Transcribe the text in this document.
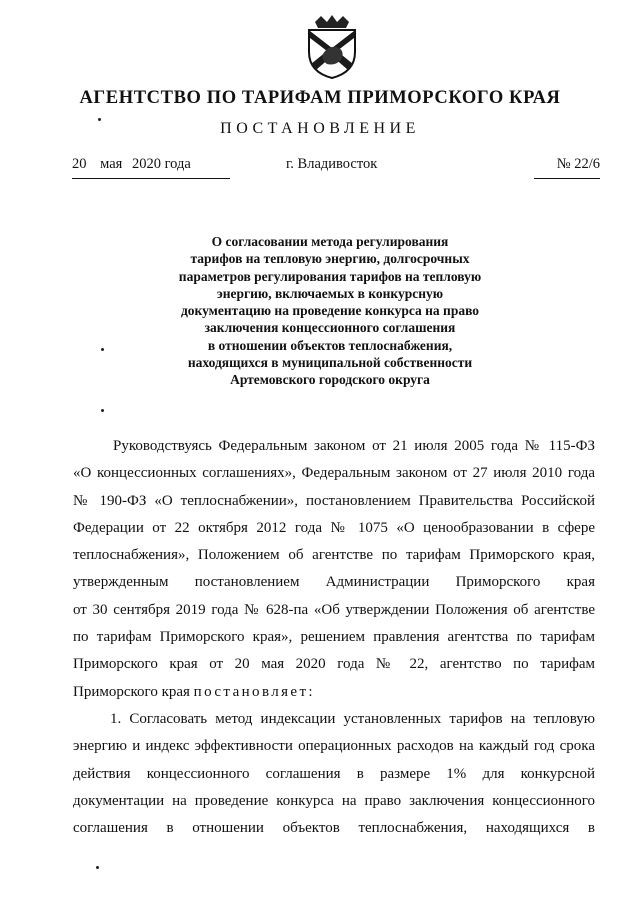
АГЕНТСТВО ПО ТАРИФАМ ПРИМОРСКОГО КРАЯ
ПОСТАНОВЛЕНИЕ
20 мая 2020 года	г. Владивосток	№ 22/6
О согласовании метода регулирования
тарифов на тепловую энергию, долгосрочных
параметров регулирования тарифов на тепловую
энергию, включаемых в конкурсную
документацию на проведение конкурса на право
заключения концессионного соглашения
в отношении объектов теплоснабжения,
находящихся в муниципальной собственности
Артемовского городского округа
Руководствуясь Федеральным законом от 21 июля 2005 года № 115-ФЗ
«О концессионных соглашениях», Федеральным законом от 27 июля 2010 года
№ 190-ФЗ «О теплоснабжении», постановлением Правительства Российской
Федерации от 22 октября 2012 года № 1075 «О ценообразовании в сфере
теплоснабжения», Положением об агентстве по тарифам Приморского края,
утвержденным постановлением Администрации Приморского края
от 30 сентября 2019 года № 628-па «Об утверждении Положения об агентстве
по тарифам Приморского края», решением правления агентства по тарифам
Приморского края от 20 мая 2020 года № 22, агентство по тарифам
Приморского края постановляет:
1. Согласовать метод индексации установленных тарифов на тепловую
энергию и индекс эффективности операционных расходов на каждый год срока
действия концессионного соглашения в размере 1% для конкурсной
документации на проведение конкурса на право заключения концессионного
соглашения в отношении объектов теплоснабжения, находящихся в
